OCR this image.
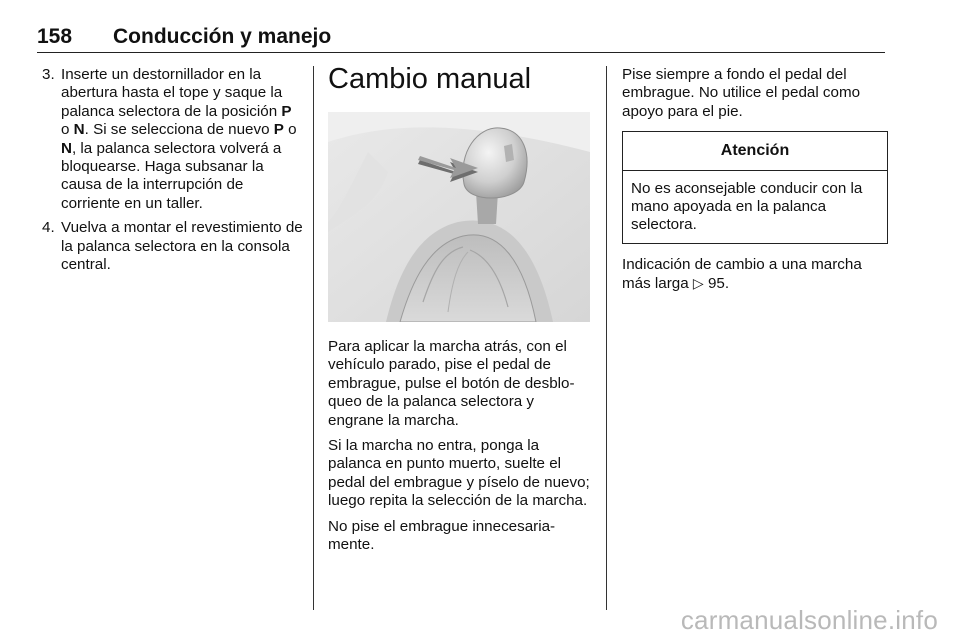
158	Conducción y manejo
3. Inserte un destornillador en la abertura hasta el tope y saque la palanca selectora de la posición P o N. Si se selecciona de nuevo P o N, la palanca selectora volverá a bloquearse. Haga subsanar la causa de la interrupción de corriente en un taller.
4. Vuelva a montar el revestimiento de la palanca selectora en la consola central.
Cambio manual

Para aplicar la marcha atrás, con el vehículo parado, pise el pedal de embrague, pulse el botón de desbloqueo de la palanca selectora y engrane la marcha.

Si la marcha no entra, ponga la palanca en punto muerto, suelte el pedal del embrague y píselo de nuevo; luego repita la selección de la marcha.

No pise el embrague innecesariamente.

Pise siempre a fondo el pedal del embrague. No utilice el pedal como apoyo para el pie.

Atención
No es aconsejable conducir con la mano apoyada en la palanca selectora.

Indicación de cambio a una marcha más larga ▷ 95.

carmanualsonline.info
